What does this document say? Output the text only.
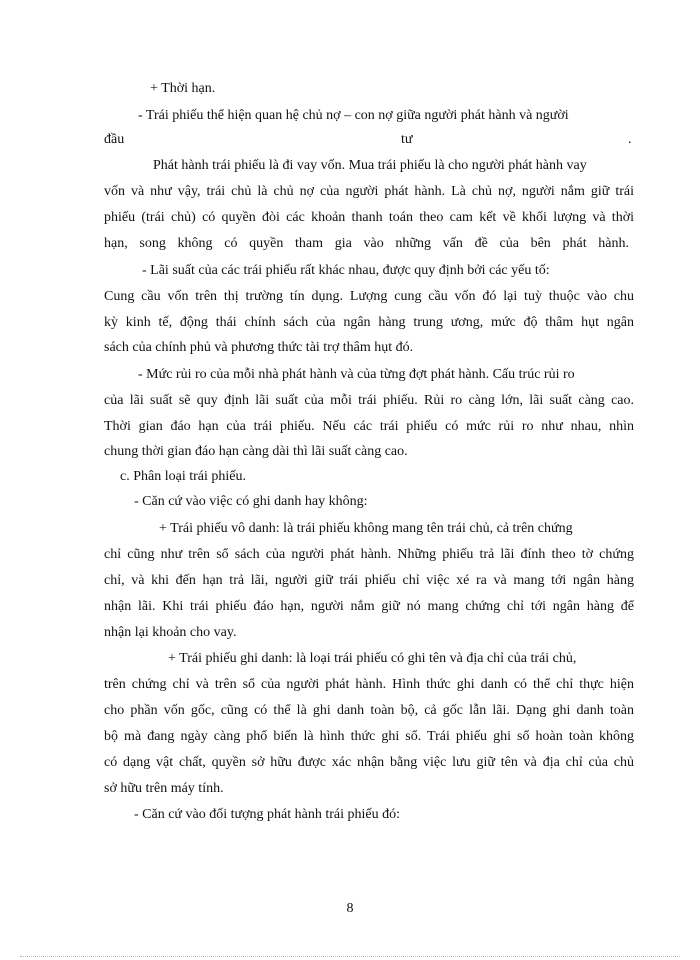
+ Thời hạn.
- Trái phiếu thể hiện quan hệ chủ nợ – con nợ giữa người phát hành và người
đầu	tư	.
Phát hành trái phiếu là đi vay vốn. Mua trái phiếu là cho người phát hành vay
vốn và như vậy, trái chủ là chủ nợ của người phát hành. Là chủ nợ, người nắm giữ trái
phiếu (trái chủ) có quyền đòi các khoản thanh toán theo cam kết về khối lượng và thời
hạn, song không có quyền tham gia vào những vấn đề của bên phát hành.
- Lãi suất của các trái phiếu rất khác nhau, được quy định bởi các yếu tố:
Cung cầu vốn trên thị trường tín dụng. Lượng cung cầu vốn đó lại tuỳ thuộc vào chu
kỳ kinh tế, động thái chính sách của ngân hàng trung ương, mức độ thâm hụt ngân
sách của chính phủ và phương thức tài trợ thâm hụt đó.
- Mức rủi ro của mỗi nhà phát hành và của từng đợt phát hành. Cấu trúc rủi ro
của lãi suất sẽ quy định lãi suất của mỗi trái phiếu. Rủi ro càng lớn, lãi suất càng cao.
Thời gian đáo hạn của trái phiếu. Nếu các trái phiếu có mức rủi ro như nhau, nhìn
chung thời gian đáo hạn càng dài thì lãi suất càng cao.
c. Phân loại trái phiếu.
- Căn cứ vào việc có ghi danh hay không:
+ Trái phiếu vô danh: là trái phiếu không mang tên trái chủ, cả trên chứng
chỉ cũng như trên sổ sách của người phát hành. Những phiếu trả lãi đính theo tờ chứng
chỉ, và khi đến hạn trả lãi, người giữ trái phiếu chỉ việc xé ra và mang tới ngân hàng
nhận lãi. Khi trái phiếu đáo hạn, người nắm giữ nó mang chứng chỉ tới ngân hàng để
nhận lại khoản cho vay.
+ Trái phiếu ghi danh: là loại trái phiếu có ghi tên và địa chỉ của trái chủ,
trên chứng chỉ và trên sổ của người phát hành. Hình thức ghi danh có thể chỉ thực hiện
cho phần vốn gốc, cũng có thể là ghi danh toàn bộ, cả gốc lẫn lãi. Dạng ghi danh toàn
bộ mà đang ngày càng phổ biến là hình thức ghi sổ. Trái phiếu ghi sổ hoàn toàn không
có dạng vật chất, quyền sở hữu được xác nhận bằng việc lưu giữ tên và địa chỉ của chủ
sở hữu trên máy tính.
- Căn cứ vào đối tượng phát hành trái phiếu đó:
8
